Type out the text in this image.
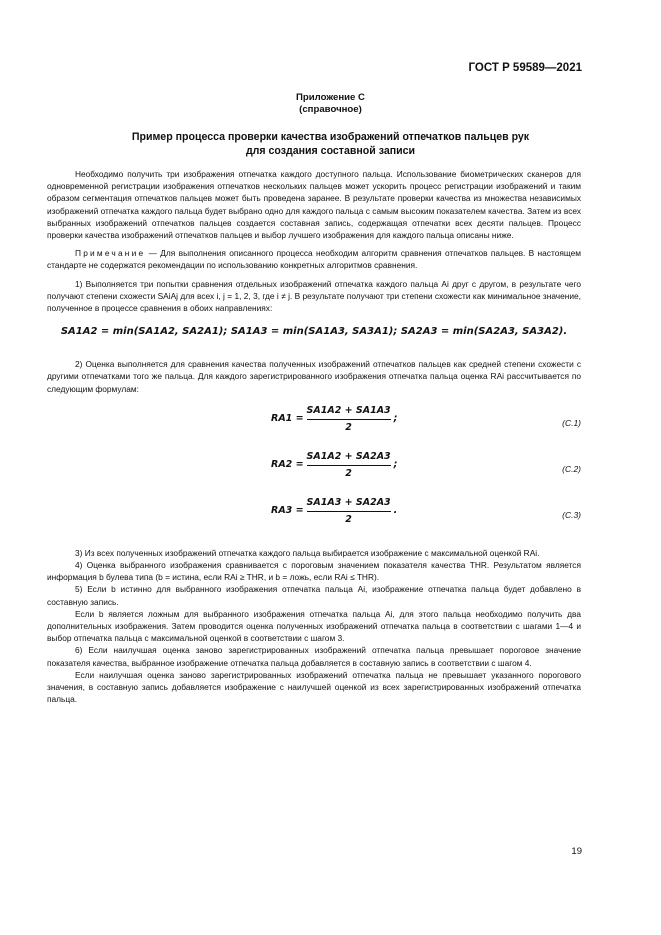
ГОСТ Р 59589—2021
Приложение С
(справочное)
Пример процесса проверки качества изображений отпечатков пальцев рук
для создания составной записи

Необходимо получить три изображения отпечатка каждого доступного пальца. Использование биометрических сканеров для одновременной регистрации изображения отпечатков нескольких пальцев может ускорить процесс регистрации изображений и таким образом сегментация отпечатков пальцев может быть проведена заранее. В результате проверки качества из множества независимых изображений отпечатка каждого пальца будет выбрано одно для каждого пальца с самым высоким показателем качества. Затем из всех выбранных изображений отпечатков пальцев создается составная запись, содержащая отпечатки всех десяти пальцев. Процесс проверки качества изображений отпечатков пальцев и выбор лучшего изображения для каждого пальца описаны ниже.

Примечание — Для выполнения описанного процесса необходим алгоритм сравнения отпечатков пальцев. В настоящем стандарте не содержатся рекомендации по использованию конкретных алгоритмов сравнения.

1) Выполняется три попытки сравнения отдельных изображений отпечатка каждого пальца Ai друг с другом, в результате чего получают степени схожести SAiAj для всех i, j = 1, 2, 3, где i ≠ j. В результате получают три степени схожести как минимальное значение, полученное в процессе сравнения в обоих направлениях:

SA1A2 = min(SA1A2, SA2A1); SA1A3 = min(SA1A3, SA3A1); SA2A3 = min(SA2A3, SA3A2).

2) Оценка выполняется для сравнения качества полученных изображений отпечатков пальцев как средней степени схожести с другими отпечатками того же пальца. Для каждого зарегистрированного изображения отпечатка пальца оценка RAi рассчитывается по следующим формулам:

$RA1 = \frac{SA1A2 + SA1A3}{2}$ ;	(С.1)
$RA2 = \frac{SA1A2 + SA2A3}{2}$ ;	(С.2)
$RA3 = \frac{SA1A3 + SA2A3}{2}$ .	(С.3)

3) Из всех полученных изображений отпечатка каждого пальца выбирается изображение с максимальной оценкой RAi.

4) Оценка выбранного изображения сравнивается с пороговым значением показателя качества THR. Результатом является информация b булева типа (b = истина, если RAi ≥ THR, и b = ложь, если RAi ≤ THR).

5) Если b истинно для выбранного изображения отпечатка пальца Ai, изображение отпечатка пальца будет добавлено в составную запись.

Если b является ложным для выбранного изображения отпечатка пальца Ai, для этого пальца необходимо получить два дополнительных изображения. Затем проводится оценка полученных изображений отпечатка пальца в соответствии с шагами 1—4 и выбор отпечатка пальца с максимальной оценкой в соответствии с шагом 3.

6) Если наилучшая оценка заново зарегистрированных изображений отпечатка пальца превышает пороговое значение показателя качества, выбранное изображение отпечатка пальца добавляется в составную запись в соответствии с шагом 4.

Если наилучшая оценка заново зарегистрированных изображений отпечатка пальца не превышает указанного порогового значения, в составную запись добавляется изображение с наилучшей оценкой из всех зарегистрированных изображений отпечатка пальца.

19
